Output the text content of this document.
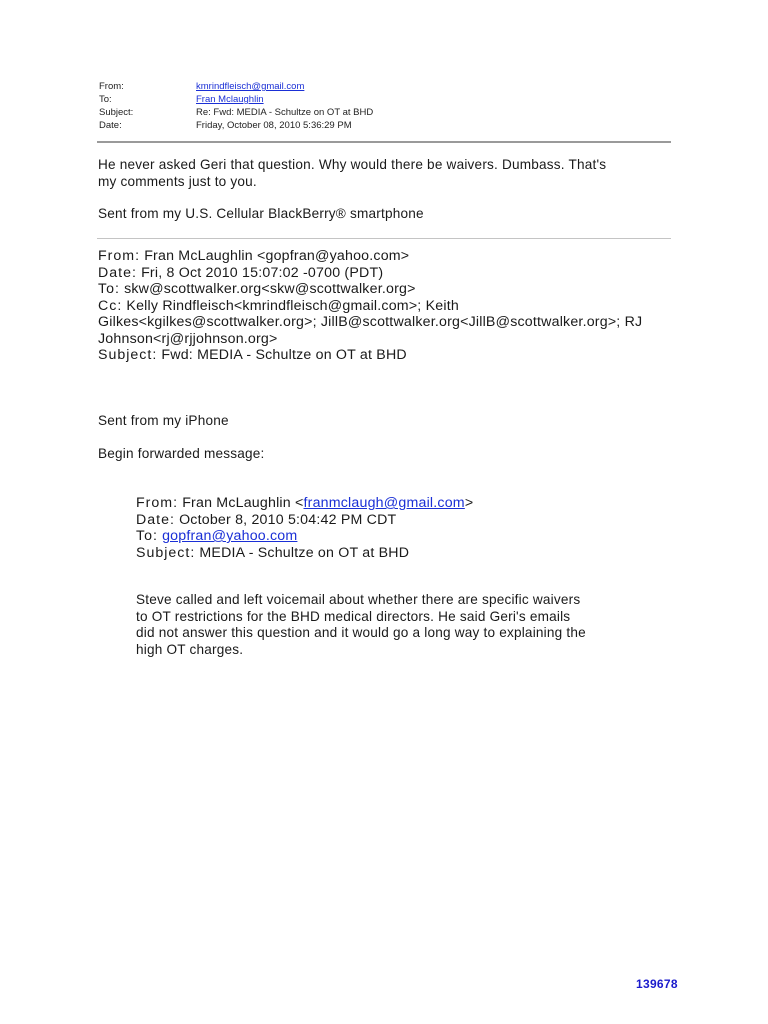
From:	kmrindfleisch@gmail.com
To:	Fran Mclaughlin
Subject:	Re: Fwd: MEDIA - Schultze on OT at BHD
Date:	Friday, October 08, 2010 5:36:29 PM

He never asked Geri that question. Why would there be waivers. Dumbass. That's
my comments just to you.

Sent from my U.S. Cellular BlackBerry® smartphone

From: Fran McLaughlin <gopfran@yahoo.com>
Date: Fri, 8 Oct 2010 15:07:02 -0700 (PDT)
To: skw@scottwalker.org<skw@scottwalker.org>
Cc: Kelly Rindfleisch<kmrindfleisch@gmail.com>; Keith
Gilkes<kgilkes@scottwalker.org>; JillB@scottwalker.org<JillB@scottwalker.org>; RJ
Johnson<rj@rjjohnson.org>
Subject: Fwd: MEDIA - Schultze on OT at BHD

Sent from my iPhone

Begin forwarded message:

From: Fran McLaughlin <franmclaugh@gmail.com>
Date: October 8, 2010 5:04:42 PM CDT
To: gopfran@yahoo.com
Subject: MEDIA - Schultze on OT at BHD

Steve called and left voicemail about whether there are specific waivers
to OT restrictions for the BHD medical directors. He said Geri's emails
did not answer this question and it would go a long way to explaining the
high OT charges.

139678
